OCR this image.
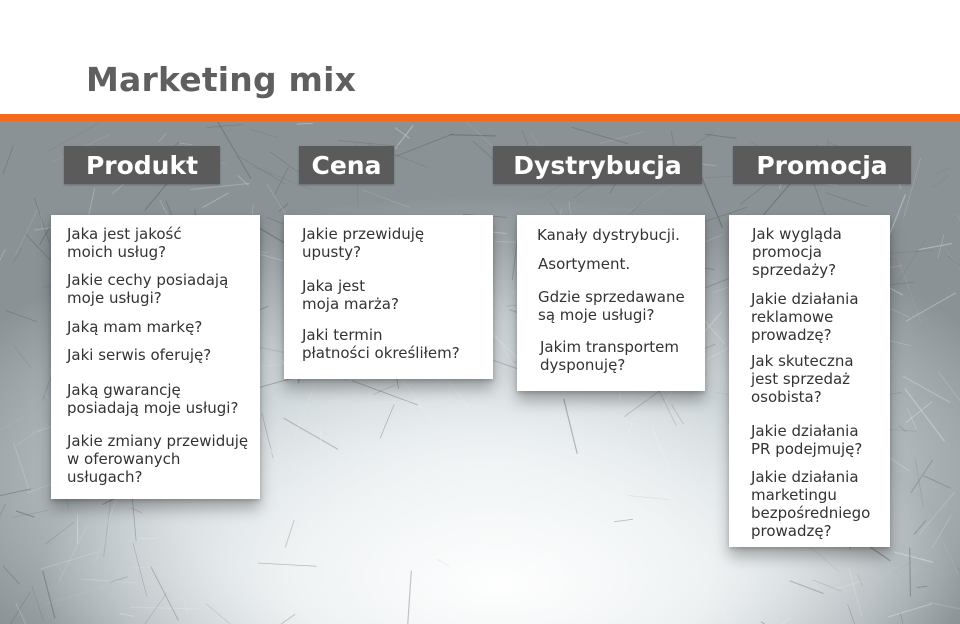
Marketing mix
Produkt	Cena	Dystrybucja	Promocja
Jaka jest jakość
moich usług?
Jakie cechy posiadają
moje usługi?
Jaką mam markę?
Jaki serwis oferuję?
Jaką gwarancję
posiadają moje usługi?
Jakie zmiany przewiduję
w oferowanych
usługach?
Jakie przewiduję
upusty?
Jaka jest
moja marża?
Jaki termin
płatności określiłem?
Kanały dystrybucji.
Asortyment.
Gdzie sprzedawane
są moje usługi?
Jakim transportem
dysponuję?
Jak wygląda
promocja
sprzedaży?
Jakie działania
reklamowe
prowadzę?
Jak skuteczna
jest sprzedaż
osobista?
Jakie działania
PR podejmuję?
Jakie działania
marketingu
bezpośredniego
prowadzę?
